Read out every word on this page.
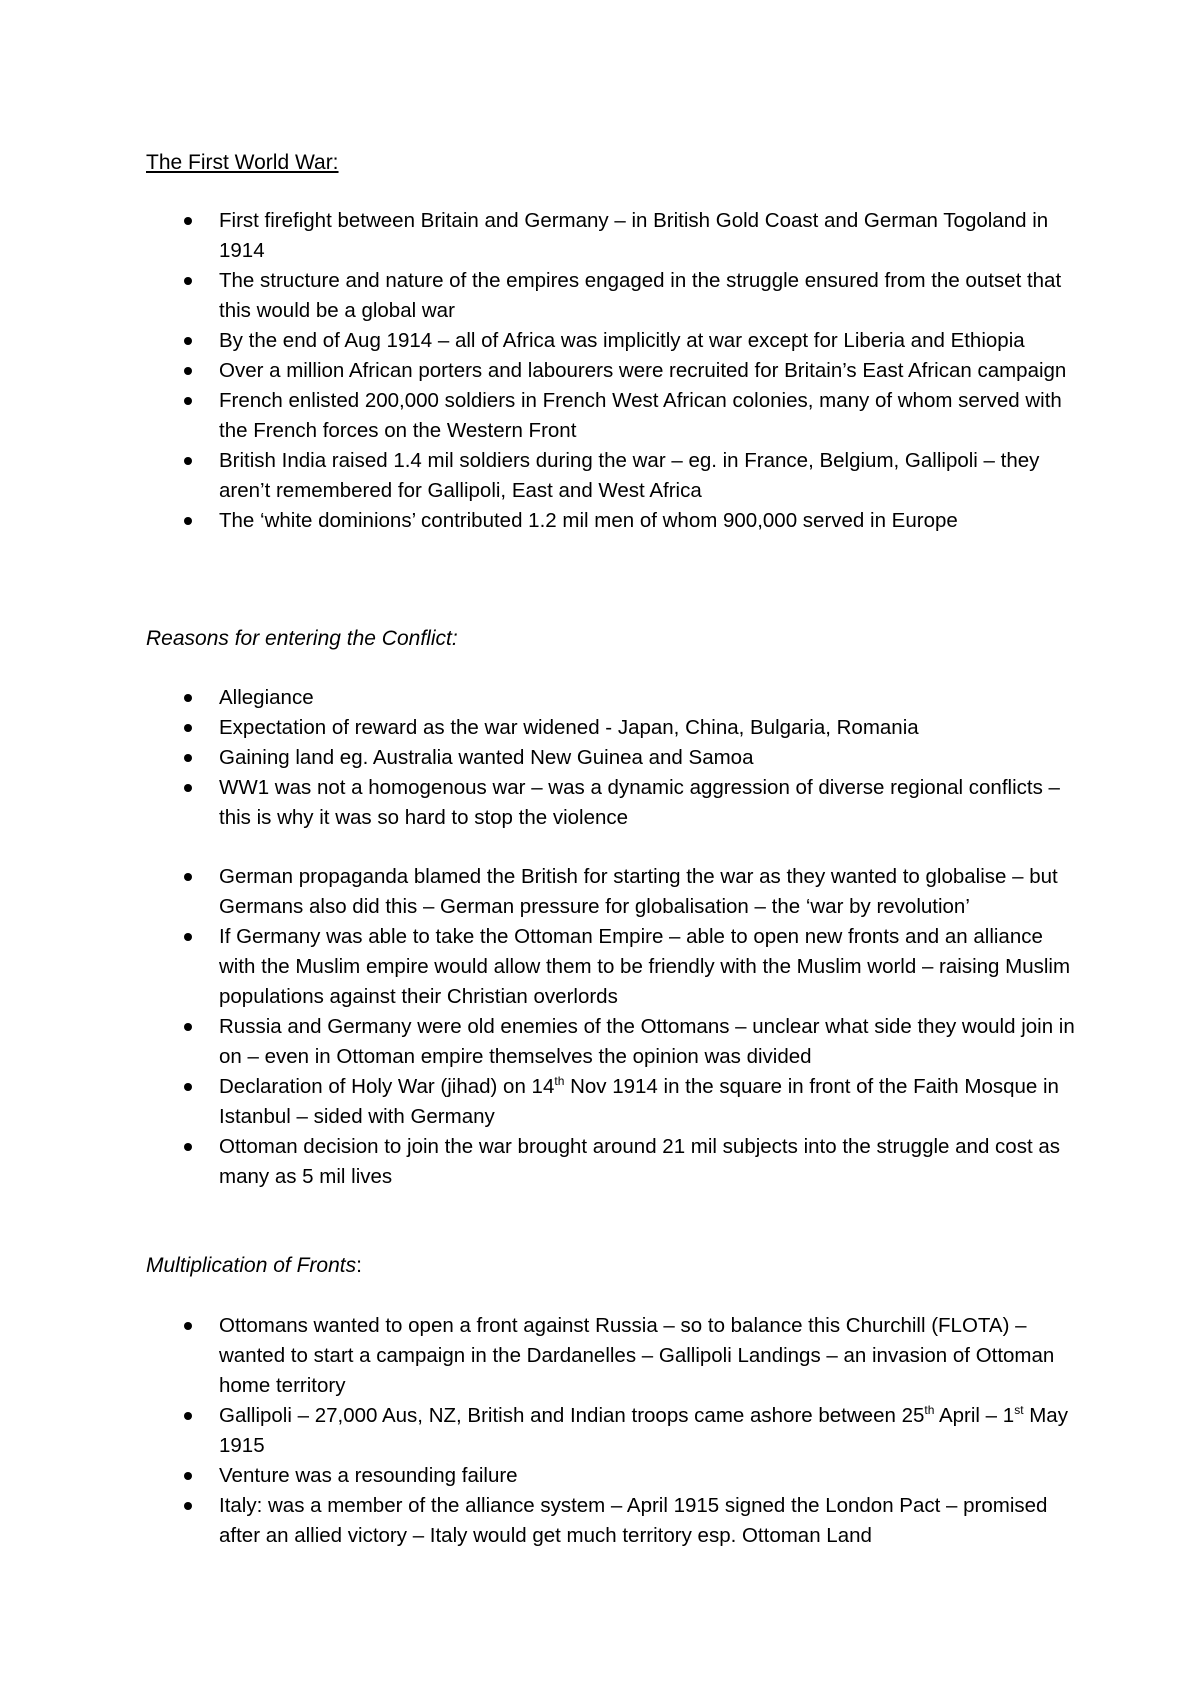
The First World War:
First firefight between Britain and Germany – in British Gold Coast and German Togoland in 1914
The structure and nature of the empires engaged in the struggle ensured from the outset that this would be a global war
By the end of Aug 1914 – all of Africa was implicitly at war except for Liberia and Ethiopia
Over a million African porters and labourers were recruited for Britain’s East African campaign
French enlisted 200,000 soldiers in French West African colonies, many of whom served with the French forces on the Western Front
British India raised 1.4 mil soldiers during the war – eg. in France, Belgium, Gallipoli – they aren’t remembered for Gallipoli, East and West Africa
The ‘white dominions’ contributed 1.2 mil men of whom 900,000 served in Europe
Reasons for entering the Conflict:
Allegiance
Expectation of reward as the war widened - Japan, China, Bulgaria, Romania
Gaining land eg. Australia wanted New Guinea and Samoa
WW1 was not a homogenous war – was a dynamic aggression of diverse regional conflicts – this is why it was so hard to stop the violence
German propaganda blamed the British for starting the war as they wanted to globalise – but Germans also did this – German pressure for globalisation – the ‘war by revolution’
If Germany was able to take the Ottoman Empire – able to open new fronts and an alliance with the Muslim empire would allow them to be friendly with the Muslim world – raising Muslim populations against their Christian overlords
Russia and Germany were old enemies of the Ottomans – unclear what side they would join in on – even in Ottoman empire themselves the opinion was divided
Declaration of Holy War (jihad) on 14th Nov 1914 in the square in front of the Faith Mosque in Istanbul – sided with Germany
Ottoman decision to join the war brought around 21 mil subjects into the struggle and cost as many as 5 mil lives
Multiplication of Fronts:
Ottomans wanted to open a front against Russia – so to balance this Churchill (FLOTA) – wanted to start a campaign in the Dardanelles – Gallipoli Landings – an invasion of Ottoman home territory
Gallipoli – 27,000 Aus, NZ, British and Indian troops came ashore between 25th April – 1st May 1915
Venture was a resounding failure
Italy: was a member of the alliance system – April 1915 signed the London Pact – promised after an allied victory – Italy would get much territory esp. Ottoman Land
